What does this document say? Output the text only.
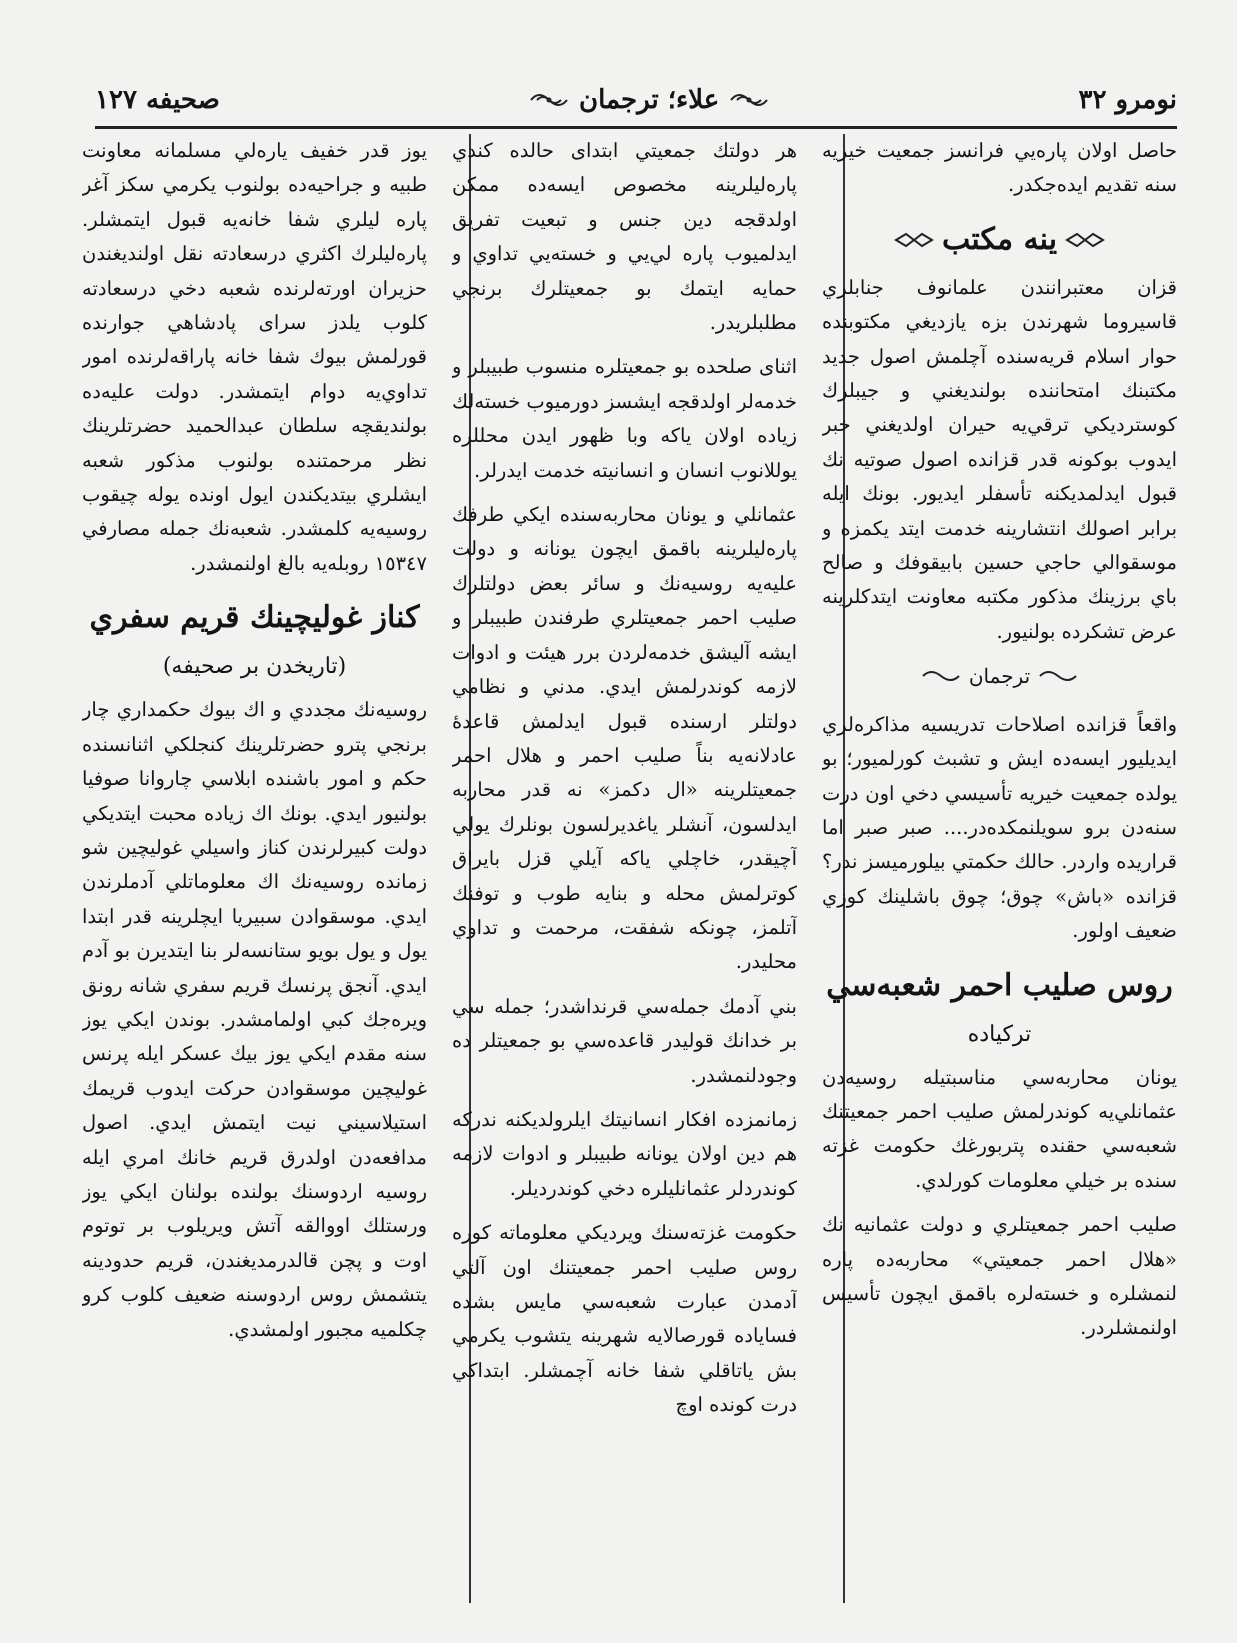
نومرو ٣٢
علاء؛ ترجمان
صحيفه ١٢٧

حاصل اولان پاره‌يي فرانسز جمعيت خيريه سنه تقديم ايده‌جكدر.

ينه مكتب

قزان معتبرانندن علمانوف جنابلري قاسيروما شهرندن بزه يازديغي مكتوبنده حوار اسلام قريه‌سنده آچلمش اصول جديد مكتبنك امتحاننده بولنديغني و جيبلرك كوسترديكي ترقي‌يه حيران اولديغني خبر ايدوب بوكونه قدر قزانده اصول صوتيه نك قبول ايدلمديكنه تأسفلر ايديور. بونك ايله برابر اصولك انتشارينه خدمت ايتد يكمزه و موسقوالي حاجي حسين بابيقوفك و صالح باي برزينك مذكور مكتبه معاونت ايتدكلرينه عرض تشكرده بولنيور.

ترجمان

واقعاً قزانده اصلاحات تدريسيه مذاكره‌لري ايديليور ايسه‌ده ايش و تشبث كورلميور؛ بو يولده جمعيت خيريه تأسيسي دخي اون درت سنه‌دن برو سويلنمكده‌در.... صبر صبر اما قراريده واردر. حالك حكمتي بيلورميسز ندر؟ قزانده «باش» چوق؛ چوق باشلينك كوزي ضعيف اولور.

روس صليب احمر شعبه‌سي
تركياده

يونان محاربه‌سي مناسبتيله روسيه‌دن عثمانلي‌يه كوندرلمش صليب احمر جمعيتنك شعبه‌سي حقنده پتربورغك حكومت غزته سنده بر خيلي معلومات كورلدي.

صليب احمر جمعيتلري و دولت عثمانيه نك «هلال احمر جمعيتي» محاربه‌ده پاره لنمشلره و خسته‌لره باقمق ايچون تأسيس اولنمشلردر.

هر دولتك جمعيتي ابتداى حالده كندي پاره‌ليلرينه مخصوص ايسه‌ده ممكن اولدقجه دين جنس و تبعيت تفريق ايدلميوب پاره لي‌يي و خسته‌يي تداوي و حمايه ايتمك بو جمعيتلرك برنجي مطلبلريدر.

اثناى صلحده بو جمعيتلره منسوب طبيبلر و خدمه‌لر اولدقجه ايشسز دورميوب خسته‌لك زياده اولان ياكه وبا ظهور ايدن محللره يوللانوب انسان و انسانيته خدمت ايدرلر.

عثمانلي و يونان محاربه‌سنده ايكي طرفك پاره‌ليلرينه باقمق ايچون يونانه و دولت عليه‌يه روسيه‌نك و سائر بعض دولتلرك صليب احمر جمعيتلري طرفندن طبيبلر و ايشه آليشق خدمه‌لردن برر هيئت و ادوات لازمه كوندرلمش ايدي. مدني و نظامي دولتلر ارسنده قبول ايدلمش قاعدهٔ عادلانه‌يه بناً صليب احمر و هلال احمر جمعيتلرينه «ال دكمز» نه قدر محاربه ايدلسون، آنشلر ياغديرلسون بونلرك يولي آچيقدر، خاچلي ياكه آيلي قزل بايراق كوترلمش محله و بنايه طوب و توفنك آتلمز، چونكه شفقت، مرحمت و تداوي محليدر.

بني آدمك جمله‌سي قرنداشدر؛ جمله سي بر خدانك قوليدر قاعده‌سي بو جمعيتلر ده وجودلنمشدر.

زمانمزده افكار انسانيتك ايلرولديكنه ندركه هم دين اولان يونانه طبيبلر و ادوات لازمه كوندردلر عثمانليلره دخي كوندرديلر.

حكومت غزته‌سنك ويرديكي معلوماته كوره روس صليب احمر جمعيتنك اون آلتي آدمدن عبارت شعبه‌سي مايس بشده فساياده قورصالايه شهرينه يتشوب يكرمي بش ياتاقلي شفا خانه آچمشلر. ابتداكي درت كونده اوچ

يوز قدر خفيف ياره‌لي مسلمانه معاونت طبيه و جراحيه‌ده بولنوب يكرمي سكز آغر پاره ليلري شفا خانه‌يه قبول ايتمشلر. پاره‌ليلرك اكثري درسعادته نقل اولنديغندن حزيران اورته‌لرنده شعبه دخي درسعادته كلوب يلدز سراى پادشاهي جوارنده قورلمش بيوك شفا خانه پاراقه‌لرنده امور تداوي‌يه دوام ايتمشدر. دولت عليه‌ده بولنديقچه سلطان عبدالحميد حضرتلرينك نظر مرحمتنده بولنوب مذكور شعبه ايشلري بيتديكندن ايول اونده يوله چيقوب روسيه‌يه كلمشدر. شعبه‌نك جمله مصارفي ١٥٣٤٧ روبله‌يه بالغ اولنمشدر.

كناز غوليچينك قريم سفري
(تاريخدن بر صحيفه)

روسيه‌نك مجددي و اك بيوك حكمداري چار برنجي پترو حضرتلرينك كنجلكي اثنانسنده حكم و امور باشنده ابلاسي چاروانا صوفيا بولنيور ايدي. بونك اك زياده محبت ايتديكي دولت كبيرلرندن كناز واسيلي غوليچين شو زمانده روسيه‌نك اك معلوماتلي آدملرندن ايدي. موسقوادن سبيريا ايچلرينه قدر ابتدا يول و يول بويو ستانسه‌لر بنا ايتديرن بو آدم ايدي. آنجق پرنسك قريم سفري شانه رونق ويره‌جك كبي اولمامشدر. بوندن ايكي يوز سنه مقدم ايكي يوز بيك عسكر ايله پرنس غوليچين موسقوادن حركت ايدوب قريمك استيلاسيني نيت ايتمش ايدي. اصول مدافعه‌دن اولدرق قريم خانك امري ايله روسيه اردوسنك بولنده بولنان ايكي يوز ورستلك اووالقه آتش ويريلوب بر توتوم اوت و پچن قالدرمديغندن، قريم حدودينه يتشمش روس اردوسنه ضعيف كلوب كرو چكلميه مجبور اولمشدي.
